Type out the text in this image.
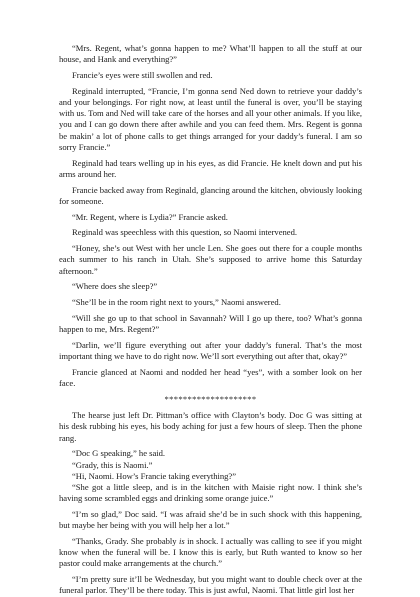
“Mrs. Regent, what’s gonna happen to me? What’ll happen to all the stuff at our house, and Hank and everything?”

Francie’s eyes were still swollen and red.

Reginald interrupted, “Francie, I’m gonna send Ned down to retrieve your daddy’s and your belongings. For right now, at least until the funeral is over, you’ll be staying with us. Tom and Ned will take care of the horses and all your other animals. If you like, you and I can go down there after awhile and you can feed them. Mrs. Regent is gonna be makin’ a lot of phone calls to get things arranged for your daddy’s funeral. I am so sorry Francie.”

Reginald had tears welling up in his eyes, as did Francie. He knelt down and put his arms around her.

Francie backed away from Reginald, glancing around the kitchen, obviously looking for someone.

“Mr. Regent, where is Lydia?” Francie asked.

Reginald was speechless with this question, so Naomi intervened.

“Honey, she’s out West with her uncle Len. She goes out there for a couple months each summer to his ranch in Utah. She’s supposed to arrive home this Saturday afternoon.”

“Where does she sleep?”

“She’ll be in the room right next to yours,” Naomi answered.

“Will she go up to that school in Savannah? Will I go up there, too? What’s gonna happen to me, Mrs. Regent?”

“Darlin, we’ll figure everything out after your daddy’s funeral. That’s the most important thing we have to do right now. We’ll sort everything out after that, okay?”

Francie glanced at Naomi and nodded her head “yes”, with a somber look on her face.

********************

The hearse just left Dr. Pittman’s office with Clayton’s body. Doc G was sitting at his desk rubbing his eyes, his body aching for just a few hours of sleep. Then the phone rang.

“Doc G speaking,” he said.

“Grady, this is Naomi.”

“Hi, Naomi. How’s Francie taking everything?”

“She got a little sleep, and is in the kitchen with Maisie right now. I think she’s having some scrambled eggs and drinking some orange juice.”

“I’m so glad,” Doc said. “I was afraid she’d be in such shock with this happening, but maybe her being with you will help her a lot.”

“Thanks, Grady. She probably is in shock. I actually was calling to see if you might know when the funeral will be. I know this is early, but Ruth wanted to know so her pastor could make arrangements at the church.”

“I’m pretty sure it’ll be Wednesday, but you might want to double check over at the funeral parlor. They’ll be there today. This is just awful, Naomi. That little girl lost her
